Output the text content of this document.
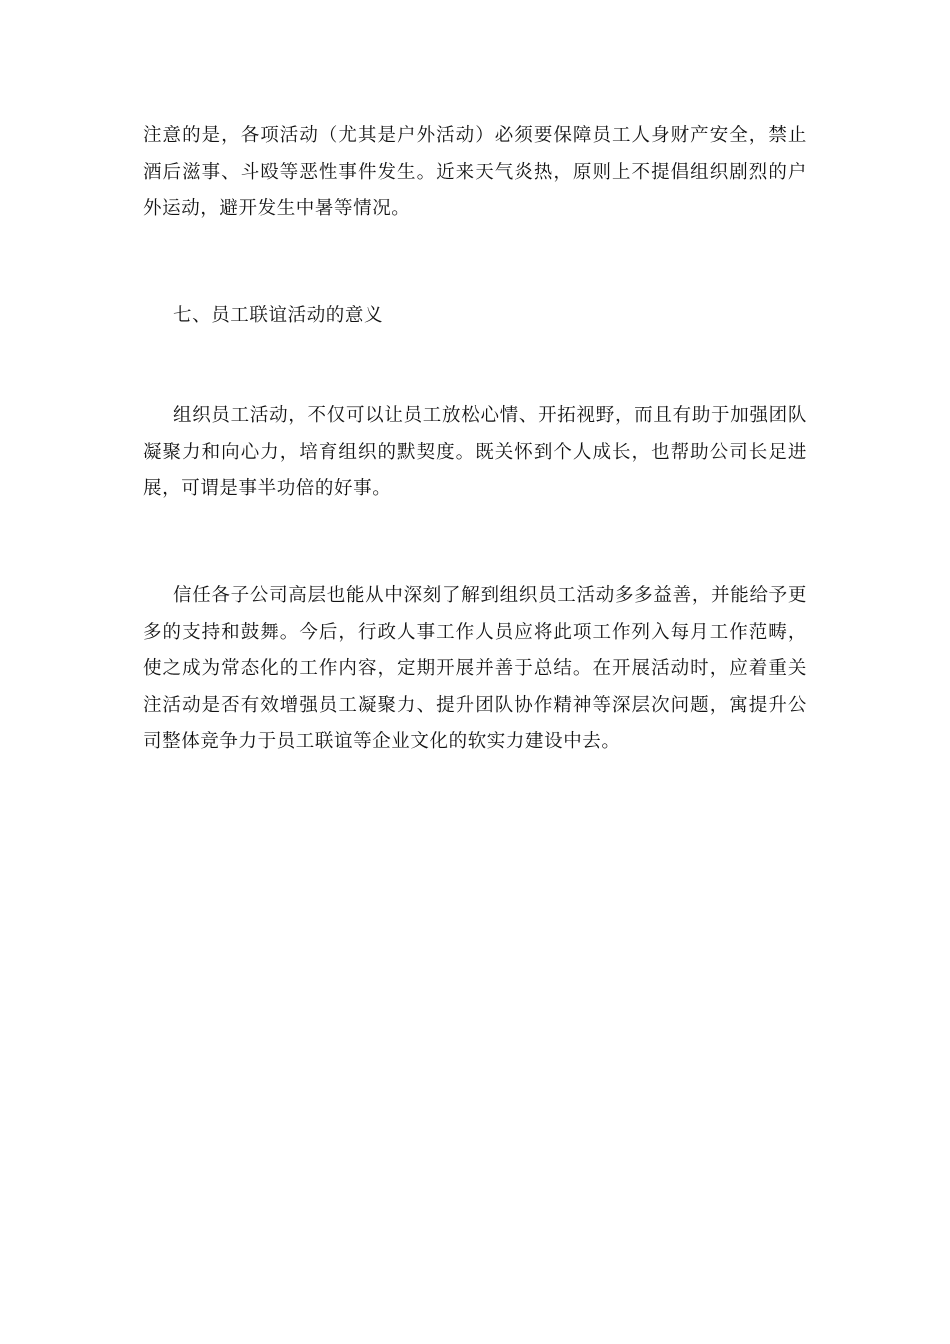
注意的是，各项活动（尤其是户外活动）必须要保障员工人身财产安全，禁止酒后滋事、斗殴等恶性事件发生。近来天气炎热，原则上不提倡组织剧烈的户外运动，避开发生中暑等情况。

七、员工联谊活动的意义

组织员工活动，不仅可以让员工放松心情、开拓视野，而且有助于加强团队凝聚力和向心力，培育组织的默契度。既关怀到个人成长，也帮助公司长足进展，可谓是事半功倍的好事。

信任各子公司高层也能从中深刻了解到组织员工活动多多益善，并能给予更多的支持和鼓舞。今后，行政人事工作人员应将此项工作列入每月工作范畴，使之成为常态化的工作内容，定期开展并善于总结。在开展活动时，应着重关注活动是否有效增强员工凝聚力、提升团队协作精神等深层次问题，寓提升公司整体竞争力于员工联谊等企业文化的软实力建设中去。
